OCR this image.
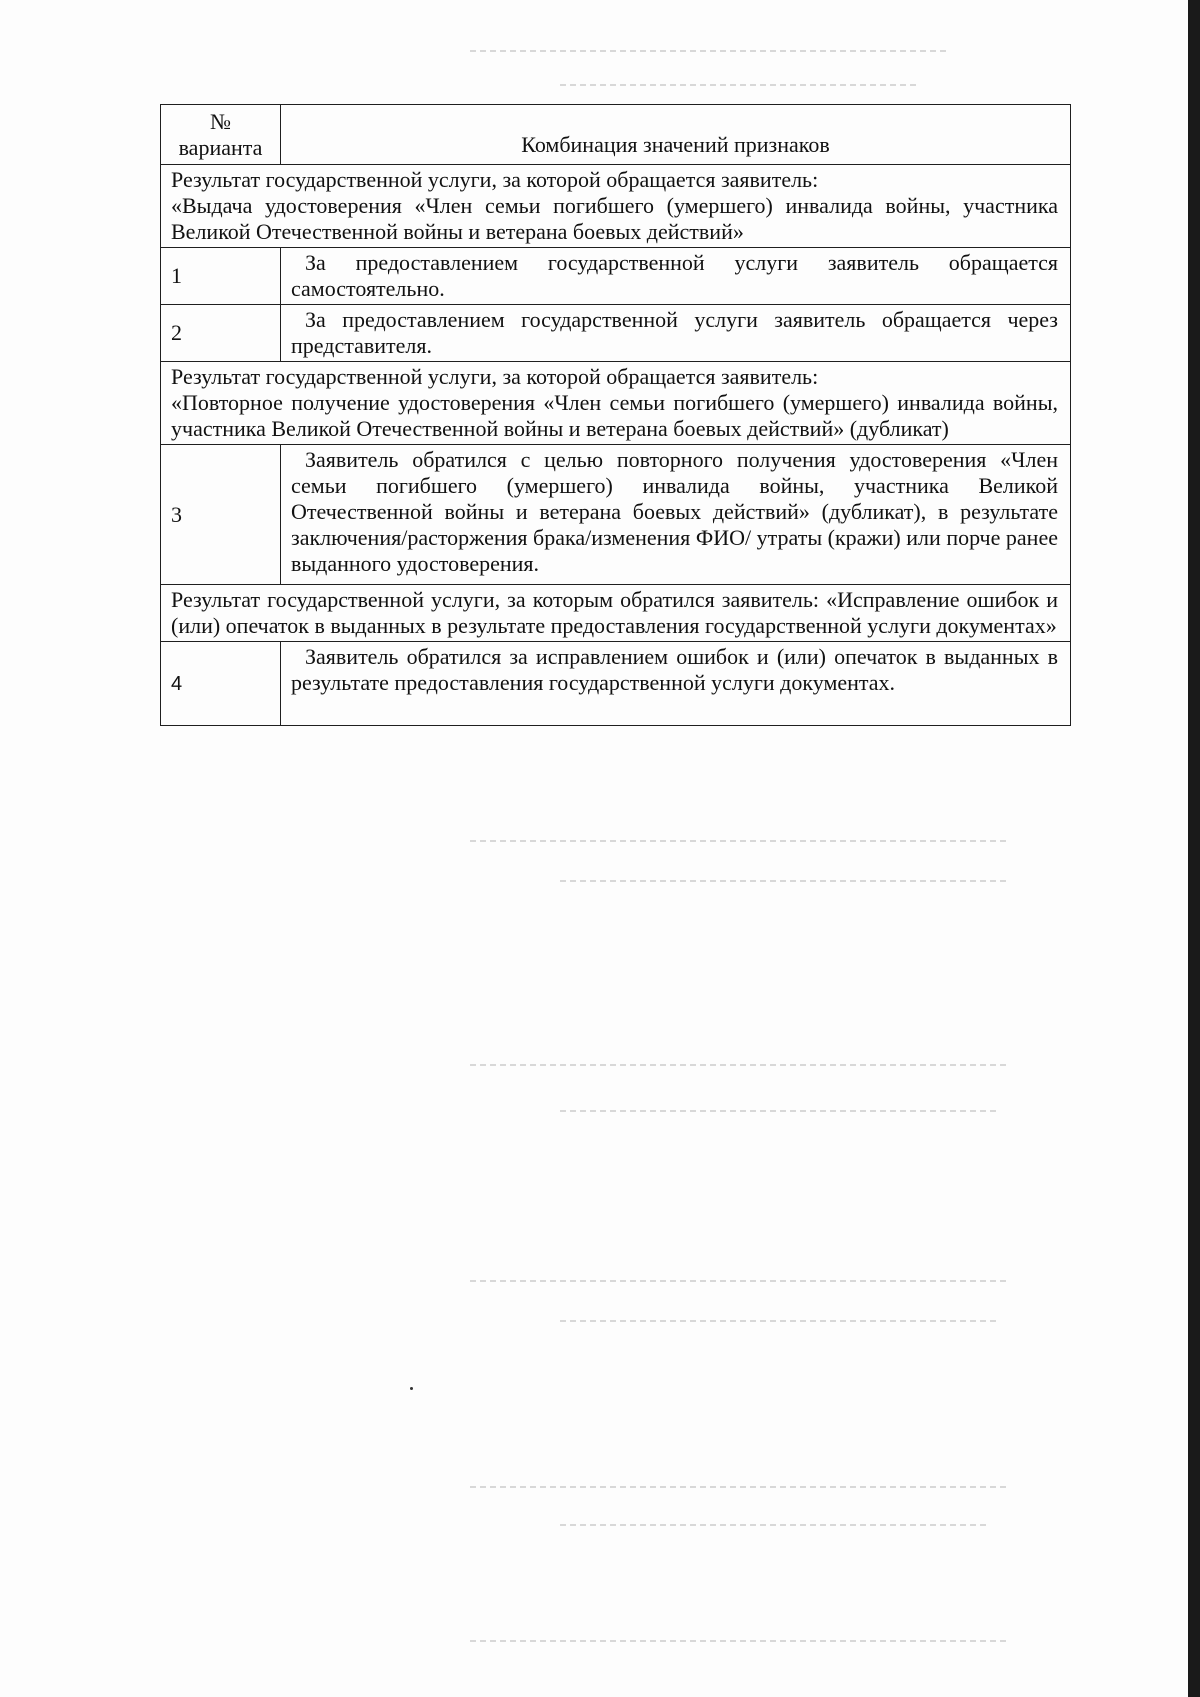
№
варианта	Комбинация значений признаков

Результат государственной услуги, за которой обращается заявитель:
«Выдача удостоверения «Член семьи погибшего (умершего) инвалида войны, участника Великой Отечественной войны и ветерана боевых действий»	

1	За предоставлением государственной услуги заявитель обращается самостоятельно.
2	За предоставлением государственной услуги заявитель обращается через представителя.

Результат государственной услуги, за которой обращается заявитель:
«Повторное получение удостоверения «Член семьи погибшего (умершего) инвалида войны, участника Великой Отечественной войны и ветерана боевых действий» (дубликат)	

3	Заявитель обратился с целью повторного получения удостоверения «Член семьи погибшего (умершего) инвалида войны, участника Великой Отечественной войны и ветерана боевых действий» (дубликат), в результате заключения/расторжения брака/изменения ФИО/ утраты (кражи) или порче ранее выданного удостоверения.

Результат государственной услуги, за которым обратился заявитель: «Исправление ошибок и (или) опечаток в выданных в результате предоставления государственной услуги документах»	

4	Заявитель обратился за исправлением ошибок и (или) опечаток в выданных в результате предоставления государственной услуги документах.
